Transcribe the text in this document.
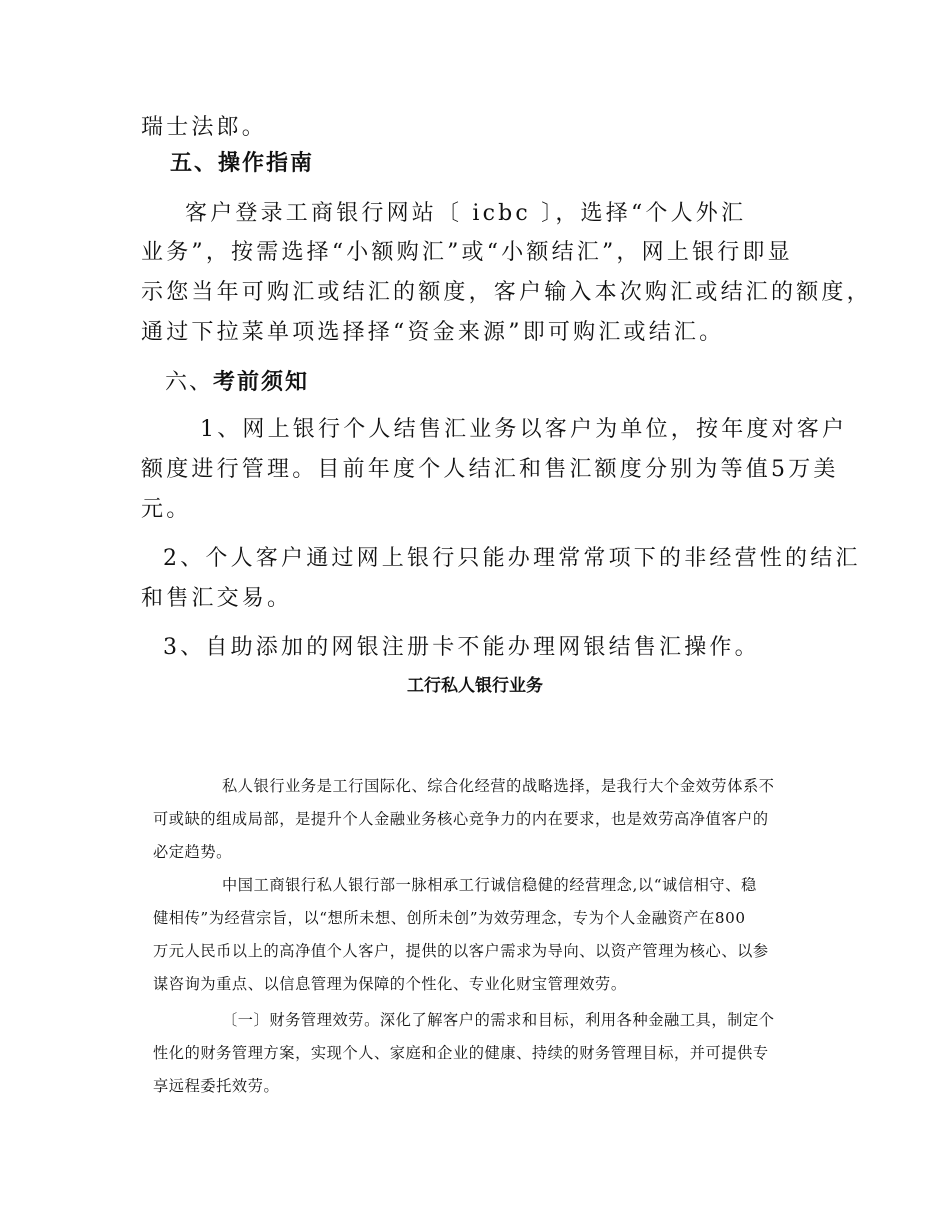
瑞士法郎。
五、操作指南
客户登录工商银行网站〔 icbc 〕，选择“个人外汇
业务”，按需选择“小额购汇”或“小额结汇”，网上银行即显
示您当年可购汇或结汇的额度，客户输入本次购汇或结汇的额度，
通过下拉菜单项选择择“资金来源”即可购汇或结汇。
六、考前须知
1、网上银行个人结售汇业务以客户为单位，按年度对客户
额度进行管理。目前年度个人结汇和售汇额度分别为等值5万美
元。
2、个人客户通过网上银行只能办理常常项下的非经营性的结汇
和售汇交易。
3、自助添加的网银注册卡不能办理网银结售汇操作。
工行私人银行业务
私人银行业务是工行国际化、综合化经营的战略选择，是我行大个金效劳体系不
可或缺的组成局部，是提升个人金融业务核心竞争力的内在要求，也是效劳高净值客户的
必定趋势。
中国工商银行私人银行部一脉相承工行诚信稳健的经营理念,以“诚信相守、稳
健相传”为经营宗旨，以“想所未想、创所未创”为效劳理念，专为个人金融资产在800
万元人民币以上的高净值个人客户，提供的以客户需求为导向、以资产管理为核心、以参
谋咨询为重点、以信息管理为保障的个性化、专业化财宝管理效劳。
〔一〕财务管理效劳。深化了解客户的需求和目标，利用各种金融工具，制定个
性化的财务管理方案，实现个人、家庭和企业的健康、持续的财务管理目标，并可提供专
享远程委托效劳。
